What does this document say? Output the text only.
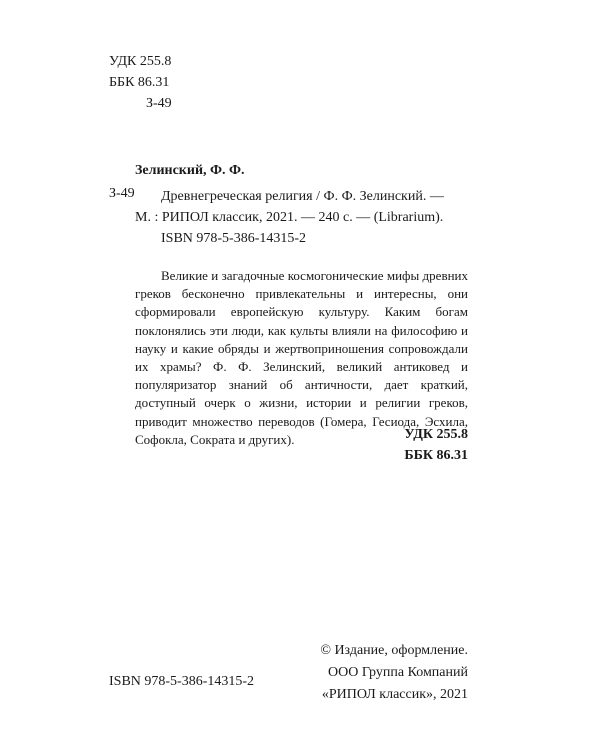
УДК 255.8
ББК 86.31
З-49
Зелинский, Ф. Ф.
З-49	Древнегреческая религия / Ф. Ф. Зелинский. —
М. : РИПОЛ классик, 2021. — 240 с. — (Librarium).
ISBN 978-5-386-14315-2

Великие и загадочные космогонические мифы древних греков бесконечно привлекательны и интересны, они сформировали европейскую культуру. Каким богам поклонялись эти люди, как культы влияли на философию и науку и какие обряды и жертвоприношения сопровождали их храмы? Ф. Ф. Зелинский, великий антиковед и популяризатор знаний об античности, дает краткий, доступный очерк о жизни, истории и религии греков, приводит множество переводов (Гомера, Гесиода, Эсхила, Софокла, Сократа и других).	УДК 255.8
ББК 86.31
© Издание, оформление.
ООО Группа Компаний
«РИПОЛ классик», 2021
ISBN 978-5-386-14315-2
